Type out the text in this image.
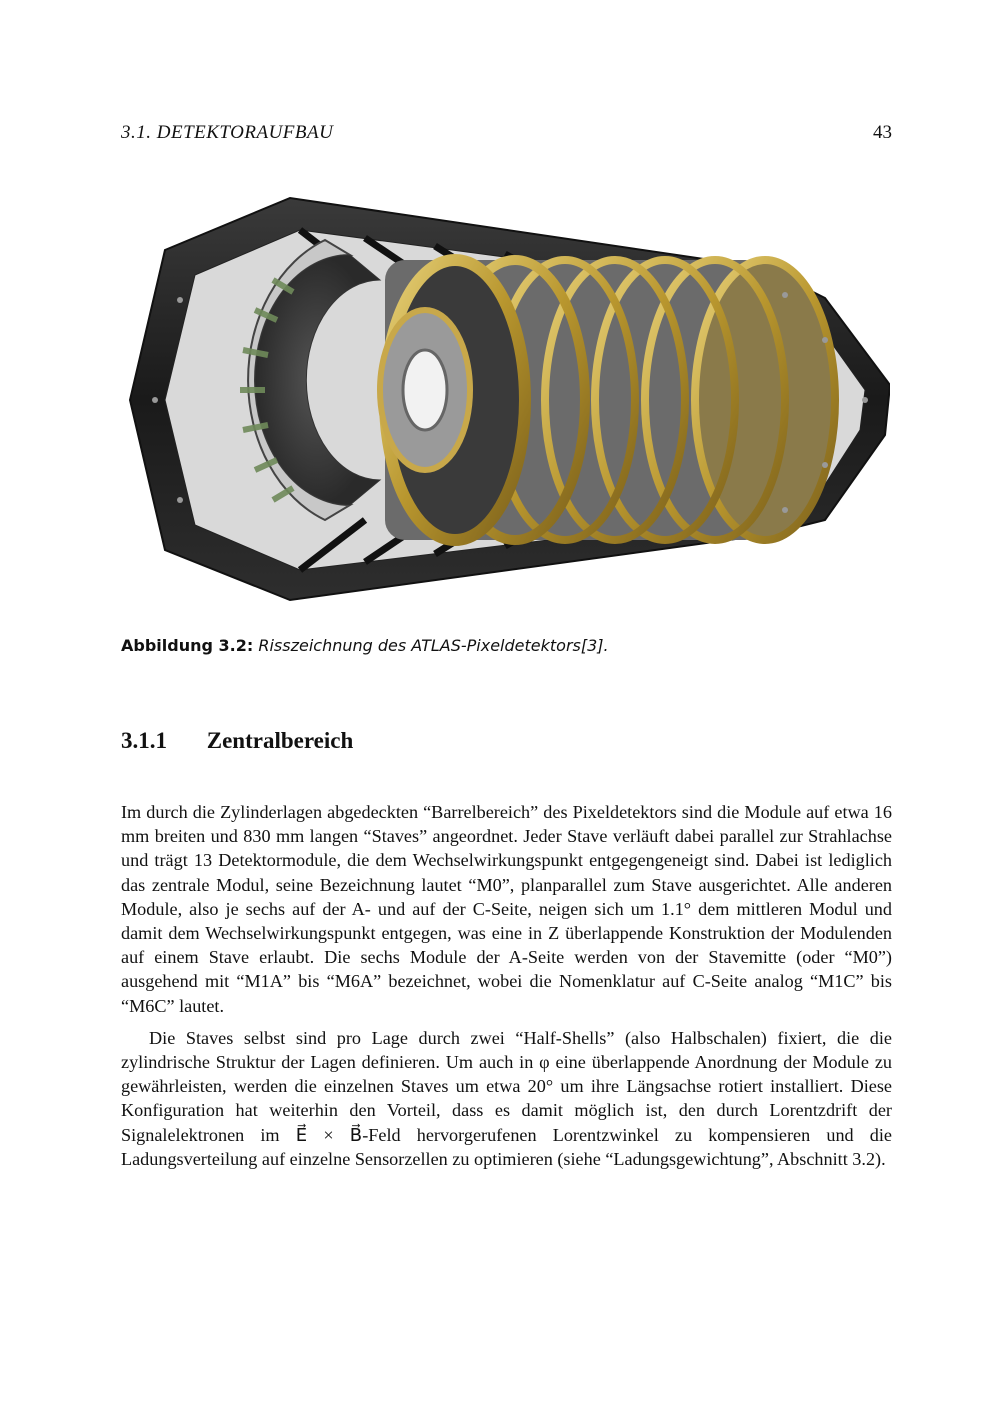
3.1. DETEKTORAUFBAU	43
Abbildung 3.2: Risszeichnung des ATLAS-Pixeldetektors[3].
3.1.1 Zentralbereich

Im durch die Zylinderlagen abgedeckten “Barrelbereich” des Pixeldetektors sind die Module auf etwa 16 mm breiten und 830 mm langen “Staves” angeordnet. Jeder Stave verläuft dabei parallel zur Strahlachse und trägt 13 Detektormodule, die dem Wechselwirkungspunkt entgegengeneigt sind. Dabei ist lediglich das zentrale Modul, seine Bezeichnung lautet “M0”, planparallel zum Stave ausgerichtet. Alle anderen Module, also je sechs auf der A- und auf der C-Seite, neigen sich um 1.1° dem mittleren Modul und damit dem Wechselwirkungspunkt entgegen, was eine in Z überlappende Konstruktion der Modulenden auf einem Stave erlaubt. Die sechs Module der A-Seite werden von der Stavemitte (oder “M0”) ausgehend mit “M1A” bis “M6A” bezeichnet, wobei die Nomenklatur auf C-Seite analog “M1C” bis “M6C” lautet.

Die Staves selbst sind pro Lage durch zwei “Half-Shells” (also Halbschalen) fixiert, die die zylindrische Struktur der Lagen definieren. Um auch in φ eine überlappende Anordnung der Module zu gewährleisten, werden die einzelnen Staves um etwa 20° um ihre Längsachse rotiert installiert. Diese Konfiguration hat weiterhin den Vorteil, dass es damit möglich ist, den durch Lorentzdrift der Signalelektronen im E⃗ × B⃗-Feld hervorgerufenen Lorentzwinkel zu kompensieren und die Ladungsverteilung auf einzelne Sensorzellen zu optimieren (siehe “Ladungsgewichtung”, Abschnitt 3.2).
